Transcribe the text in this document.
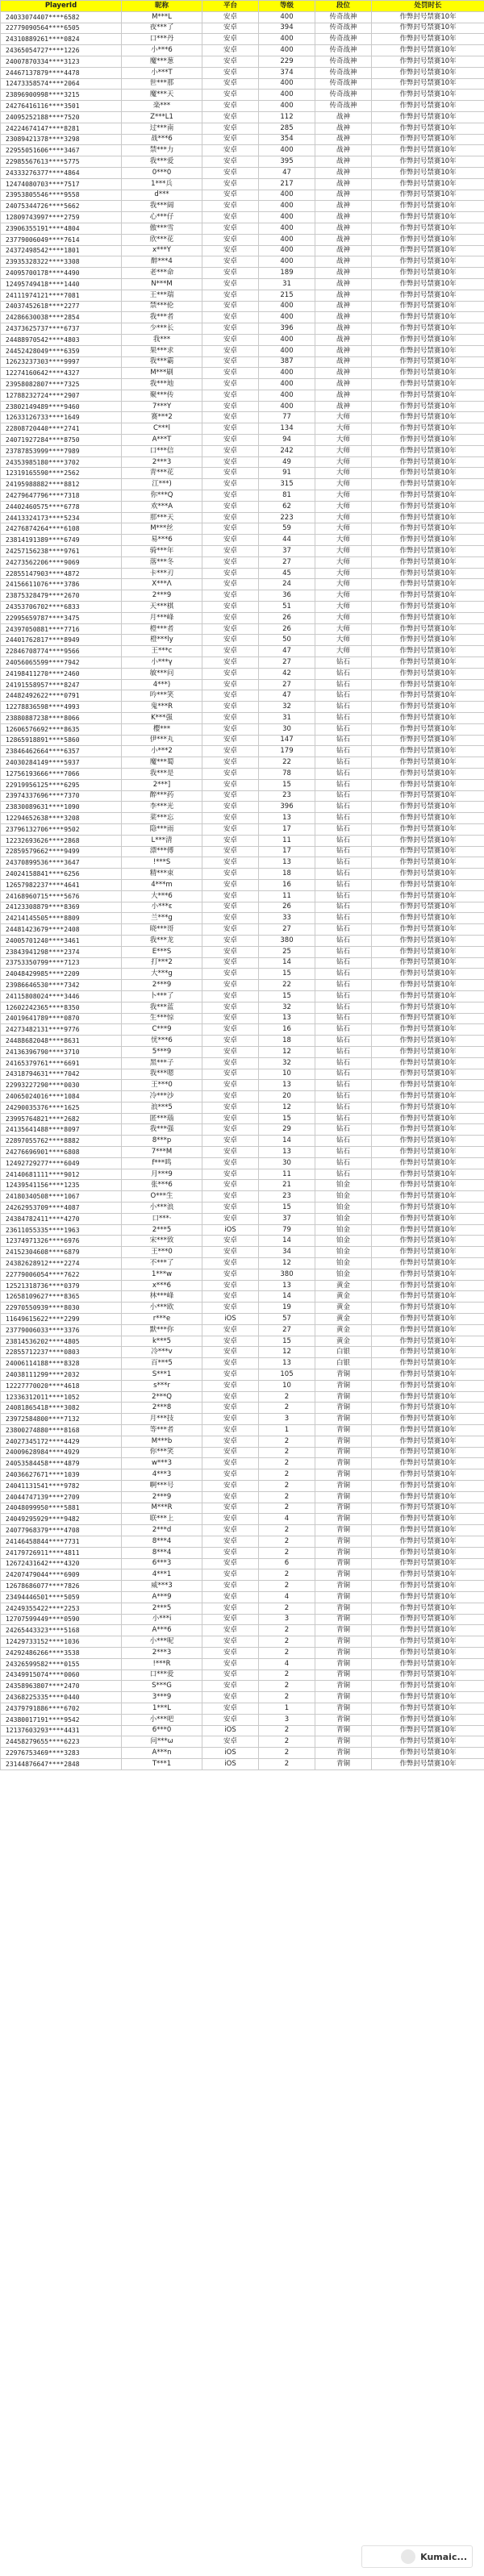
PlayerId	昵称	平台	等级	段位	处罚时长
24033074407****6582	M***L	安卓	400	传奇战神	作弊封号禁赛10年
22779090564****6505	夜***了	安卓	394	传奇战神	作弊封号禁赛10年
24310889261****0824	口***丹	安卓	400	传奇战神	作弊封号禁赛10年
24365054727****1226	小***6	安卓	400	传奇战神	作弊封号禁赛10年
24007870334****3123	魔***葱	安卓	229	传奇战神	作弊封号禁赛10年
24467137879****4478	小***T	安卓	374	传奇战神	作弊封号禁赛10年
12473358574****2064	世***那	安卓	400	传奇战神	作弊封号禁赛10年
23896900998****3215	魔***天	安卓	400	传奇战神	作弊封号禁赛10年
24276416116****3501	楽***	安卓	400	传奇战神	作弊封号禁赛10年
24095252188****7520	Z***L1	安卓	112	战神	作弊封号禁赛10年
24224674147****8281	过***南	安卓	285	战神	作弊封号禁赛10年
23089421378****3298	战***6	安卓	354	战神	作弊封号禁赛10年
22955051606****3467	禁***力	安卓	400	战神	作弊封号禁赛10年
22985567613****5775	我***爱	安卓	395	战神	作弊封号禁赛10年
24333276377****4864	0***0	安卓	47	战神	作弊封号禁赛10年
12474080703****7517	1***兵	安卓	217	战神	作弊封号禁赛10年
23953805546****9558	d***	安卓	400	战神	作弊封号禁赛10年
24075344726****5662	我***阔	安卓	400	战神	作弊封号禁赛10年
12809743997****2759	心***仔	安卓	400	战神	作弊封号禁赛10年
23906355191****4804	傲***雪	安卓	400	战神	作弊封号禁赛10年
23779006049****7614	欣***花	安卓	400	战神	作弊封号禁赛10年
24372498542****1801	x***Y	安卓	400	战神	作弊封号禁赛10年
23935328322****3308	醉***4	安卓	400	战神	作弊封号禁赛10年
24095700178****4490	老***命	安卓	189	战神	作弊封号禁赛10年
12495749418****1440	N***M	安卓	31	战神	作弊封号禁赛10年
24111974121****7081	王***瑞	安卓	215	战神	作弊封号禁赛10年
24037452618****2277	禁***伦	安卓	400	战神	作弊封号禁赛10年
24286630038****2854	我***者	安卓	400	战神	作弊封号禁赛10年
24373625737****6737	少***长	安卓	396	战神	作弊封号禁赛10年
24488970542****4803	我***	安卓	400	战神	作弊封号禁赛10年
24452428049****6359	果***求	安卓	400	战神	作弊封号禁赛10年
12623237303****9997	我***霸	安卓	387	战神	作弊封号禁赛10年
12274160642****4327	M***刷	安卓	400	战神	作弊封号禁赛10年
23958082807****7325	我***地	安卓	400	战神	作弊封号禁赛10年
12788232724****2907	聚***传	安卓	400	战神	作弊封号禁赛10年
23802149489****9460	7***Y	安卓	400	战神	作弊封号禁赛10年
12633126733****1649	赛***2	安卓	77	大师	作弊封号禁赛10年
22808720440****2741	C***l	安卓	134	大师	作弊封号禁赛10年
24071927284****8750	A***T	安卓	94	大师	作弊封号禁赛10年
23787853999****7989	口***信	安卓	242	大师	作弊封号禁赛10年
24353985180****3702	2***3	安卓	49	大师	作弊封号禁赛10年
12319165590****2562	青***花	安卓	91	大师	作弊封号禁赛10年
24195988882****8812	江***)	安卓	315	大师	作弊封号禁赛10年
24279647796****7318	你***Q	安卓	81	大师	作弊封号禁赛10年
24402460575****6778	欢***A	安卓	62	大师	作弊封号禁赛10年
24413324173****5234	那***天	安卓	223	大师	作弊封号禁赛10年
24276874264****6108	M***丝	安卓	59	大师	作弊封号禁赛10年
23814191389****6749	易***6	安卓	44	大师	作弊封号禁赛10年
24257156238****9761	骑***年	安卓	37	大师	作弊封号禁赛10年
24273562206****9069	落***冬	安卓	27	大师	作弊封号禁赛10年
22855147903****4872	卡***刃	安卓	45	大师	作弊封号禁赛10年
24156611076****3786	X***Λ	安卓	24	大师	作弊封号禁赛10年
23875328479****2670	2***9	安卓	36	大师	作弊封号禁赛10年
24353706702****6833	天***棋	安卓	51	大师	作弊封号禁赛10年
22995659787****3475	月***峰	安卓	26	大师	作弊封号禁赛10年
24397050881****7716	橙***者	安卓	26	大师	作弊封号禁赛10年
24401762817****8949	橙***ly	安卓	50	大师	作弊封号禁赛10年
22846708774****9566	王***c	安卓	47	大师	作弊封号禁赛10年
24056065599****7942	小***γ	安卓	27	钻石	作弊封号禁赛10年
24198411270****2460	敏***问	安卓	42	钻石	作弊封号禁赛10年
24191558957****8247	4***)	安卓	27	钻石	作弊封号禁赛10年
24482492622****0791	吟***笑	安卓	47	钻石	作弊封号禁赛10年
12278836598****4993	鬼***R	安卓	32	钻石	作弊封号禁赛10年
23880887238****8066	K***强	安卓	31	钻石	作弊封号禁赛10年
12606576692****8635	樱***	安卓	30	钻石	作弊封号禁赛10年
12865918891****5860	伊***丸	安卓	147	钻石	作弊封号禁赛10年
23846462664****6357	小***2	安卓	179	钻石	作弊封号禁赛10年
24030284149****5937	魔***蜀	安卓	22	钻石	作弊封号禁赛10年
12756193666****7066	我***是	安卓	78	钻石	作弊封号禁赛10年
22919956125****6295	2***]	安卓	15	钻石	作弊封号禁赛10年
23974337696****7370	醉***药	安卓	23	钻石	作弊封号禁赛10年
23830089631****1090	李***光	安卓	396	钻石	作弊封号禁赛10年
12294652638****3208	菜***忘	安卓	13	钻石	作弊封号禁赛10年
23796132706****9502	隐***雨	安卓	17	钻石	作弊封号禁赛10年
12232693626****2868	L***清	安卓	11	钻石	作弊封号禁赛10年
22859579662****9499	漂***傅	安卓	17	钻石	作弊封号禁赛10年
24370899536****3647	!***S	安卓	13	钻石	作弊封号禁赛10年
24024158841****6256	精***束	安卓	18	钻石	作弊封号禁赛10年
12657982237****4641	4***m	安卓	16	钻石	作弊封号禁赛10年
24168960715****5676	大***6	安卓	11	钻石	作弊封号禁赛10年
24123308879****8369	小***ε	安卓	26	钻石	作弊封号禁赛10年
24214145505****8809	兰***g	安卓	33	钻石	作弊封号禁赛10年
24481423679****2408	晓***哥	安卓	27	钻石	作弊封号禁赛10年
24005701240****3461	我***龙	安卓	380	钻石	作弊封号禁赛10年
23843941298****2374	E***S	安卓	25	钻石	作弊封号禁赛10年
23753350799****7123	打***2	安卓	14	钻石	作弊封号禁赛10年
24048429985****2209	大***g	安卓	15	钻石	作弊封号禁赛10年
23986646530****7342	2***9	安卓	22	钻石	作弊封号禁赛10年
24115808024****3446	卜***了	安卓	15	钻石	作弊封号禁赛10年
12602242365****8350	我***蓝	安卓	32	钻石	作弊封号禁赛10年
24019641789****0870	生***惊	安卓	13	钻石	作弊封号禁赛10年
24273482131****9776	C***9	安卓	16	钻石	作弊封号禁赛10年
24488682048****8631	忧***6	安卓	18	钻石	作弊封号禁赛10年
24136396790****3710	5***9	安卓	12	钻石	作弊封号禁赛10年
24165379761****6691	黑***子	安卓	32	钻石	作弊封号禁赛10年
24318794631****7042	我***嗯	安卓	10	钻石	作弊封号禁赛10年
22993227290****0030	王***0	安卓	13	钻石	作弊封号禁赛10年
24065024016****1084	冷***沙	安卓	20	钻石	作弊封号禁赛10年
24290035376****1625	浪***5	安卓	12	钻石	作弊封号禁赛10年
23995764821****2682	匿***瑙	安卓	15	钻石	作弊封号禁赛10年
24135641488****8097	我***强	安卓	29	钻石	作弊封号禁赛10年
22897055762****8882	8***p	安卓	14	钻石	作弊封号禁赛10年
24276696901****6808	7***M	安卓	13	钻石	作弊封号禁赛10年
12492729277****6049	f***鸣	安卓	30	钻石	作弊封号禁赛10年
24140681111****9012	月***9	安卓	11	钻石	作弊封号禁赛10年
12439541156****1235	张***6	安卓	21	铂金	作弊封号禁赛10年
24180340508****1067	O***生	安卓	23	铂金	作弊封号禁赛10年
24262953709****4087	小***浪	安卓	15	铂金	作弊封号禁赛10年
24384782411****4270	口***·	安卓	37	铂金	作弊封号禁赛10年
23611055335****1963	2***5	iOS	79	铂金	作弊封号禁赛10年
12374971326****6976	宋***致	安卓	14	铂金	作弊封号禁赛10年
24152304608****6879	王***0	安卓	34	铂金	作弊封号禁赛10年
24382628912****2274	不***了	安卓	12	铂金	作弊封号禁赛10年
22779006054****7622	1***w	安卓	380	铂金	作弊封号禁赛10年
12521318736****0379	x***6	安卓	13	黄金	作弊封号禁赛10年
12658109627****8365	林***峰	安卓	14	黄金	作弊封号禁赛10年
22970550939****8030	小***欧	安卓	19	黄金	作弊封号禁赛10年
11649615622****2299	r***e	iOS	57	黄金	作弊封号禁赛10年
23779006033****3376	默***你	安卓	27	黄金	作弊封号禁赛10年
23814536202****4805	k***5	安卓	15	黄金	作弊封号禁赛10年
22855712237****0803	冷***v	安卓	12	白银	作弊封号禁赛10年
24006114188****8328	百***5	安卓	13	白银	作弊封号禁赛10年
24038111299****2032	S***1	安卓	105	青铜	作弊封号禁赛10年
12227770020****4618	s***r	安卓	10	青铜	作弊封号禁赛10年
12336312011****1052	2***Q	安卓	2	青铜	作弊封号禁赛10年
24081865418****3082	2***8	安卓	2	青铜	作弊封号禁赛10年
23972584800****7132	月***技	安卓	3	青铜	作弊封号禁赛10年
23800274880****8168	等***者	安卓	1	青铜	作弊封号禁赛10年
24027345172****4429	M***b	安卓	2	青铜	作弊封号禁赛10年
24009628984****4929	你***笑	安卓	2	青铜	作弊封号禁赛10年
24053584458****4879	w***3	安卓	2	青铜	作弊封号禁赛10年
24036627671****1039	4***3	安卓	2	青铜	作弊封号禁赛10年
24041131541****9782	啊***号	安卓	2	青铜	作弊封号禁赛10年
24044747139****2709	2***9	安卓	2	青铜	作弊封号禁赛10年
24048099950****5881	M***R	安卓	2	青铜	作弊封号禁赛10年
24049295929****9482	联***上	安卓	4	青铜	作弊封号禁赛10年
24077968379****4708	2***d	安卓	2	青铜	作弊封号禁赛10年
24146458844****7731	8***4	安卓	2	青铜	作弊封号禁赛10年
24179726911****4811	8***4	安卓	2	青铜	作弊封号禁赛10年
12672431642****4320	6***3	安卓	6	青铜	作弊封号禁赛10年
24207479044****6909	4***1	安卓	2	青铜	作弊封号禁赛10年
12678686077****7826	威***3	安卓	2	青铜	作弊封号禁赛10年
23494446501****5059	A***9	安卓	4	青铜	作弊封号禁赛10年
24249355422****2253	2***5	安卓	2	青铜	作弊封号禁赛10年
12707599449****0590	小***i	安卓	3	青铜	作弊封号禁赛10年
24265443323****5168	A***6	安卓	2	青铜	作弊封号禁赛10年
12429733152****1036	小***呢	安卓	2	青铜	作弊封号禁赛10年
24292486266****3538	2***3	安卓	2	青铜	作弊封号禁赛10年
24326599582****0155	!***R	安卓	4	青铜	作弊封号禁赛10年
24349915074****0060	口***爱	安卓	2	青铜	作弊封号禁赛10年
24358963807****2470	S***G	安卓	2	青铜	作弊封号禁赛10年
24368225335****0440	3***9	安卓	2	青铜	作弊封号禁赛10年
24379791886****6702	1***L	安卓	1	青铜	作弊封号禁赛10年
24380017191****9542	小***吧	安卓	3	青铜	作弊封号禁赛10年
12137603293****4431	6***0	iOS	2	青铜	作弊封号禁赛10年
24458279655****6223	问***ω	安卓	2	青铜	作弊封号禁赛10年
22976753469****3283	A***n	iOS	2	青铜	作弊封号禁赛10年
23144876647****2848	T***1	iOS	2	青铜	作弊封号禁赛10年
Kumaic...
